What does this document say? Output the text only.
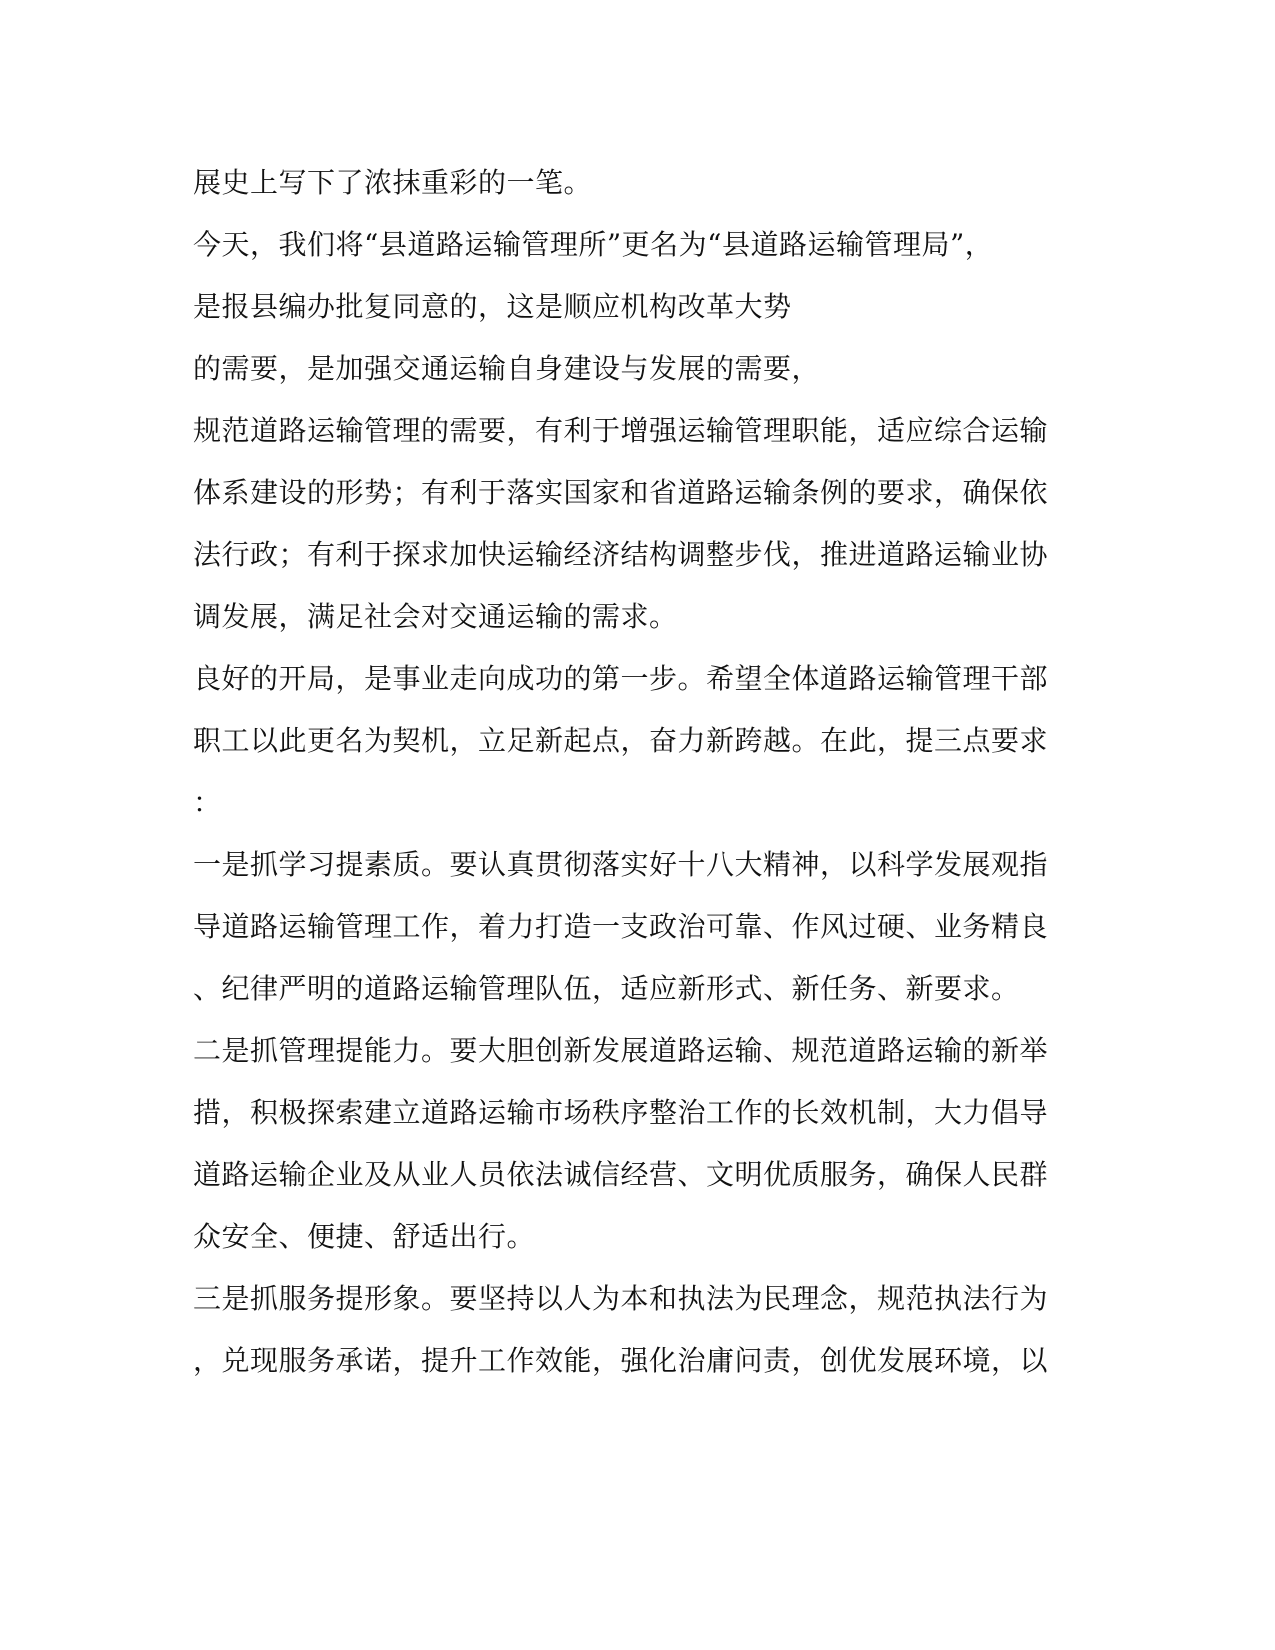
展史上写下了浓抹重彩的一笔。
今天，我们将“县道路运输管理所”更名为“县道路运输管理局”，
是报县编办批复同意的，这是顺应机构改革大势
的需要，是加强交通运输自身建设与发展的需要，
规范道路运输管理的需要，有利于增强运输管理职能，适应综合运输
体系建设的形势；有利于落实国家和省道路运输条例的要求，确保依
法行政；有利于探求加快运输经济结构调整步伐，推进道路运输业协
调发展，满足社会对交通运输的需求。
良好的开局，是事业走向成功的第一步。希望全体道路运输管理干部
职工以此更名为契机，立足新起点，奋力新跨越。在此，提三点要求
：
一是抓学习提素质。要认真贯彻落实好十八大精神，以科学发展观指
导道路运输管理工作，着力打造一支政治可靠、作风过硬、业务精良
、纪律严明的道路运输管理队伍，适应新形式、新任务、新要求。
二是抓管理提能力。要大胆创新发展道路运输、规范道路运输的新举
措，积极探索建立道路运输市场秩序整治工作的长效机制，大力倡导
道路运输企业及从业人员依法诚信经营、文明优质服务，确保人民群
众安全、便捷、舒适出行。
三是抓服务提形象。要坚持以人为本和执法为民理念，规范执法行为
，兑现服务承诺，提升工作效能，强化治庸问责，创优发展环境，以
